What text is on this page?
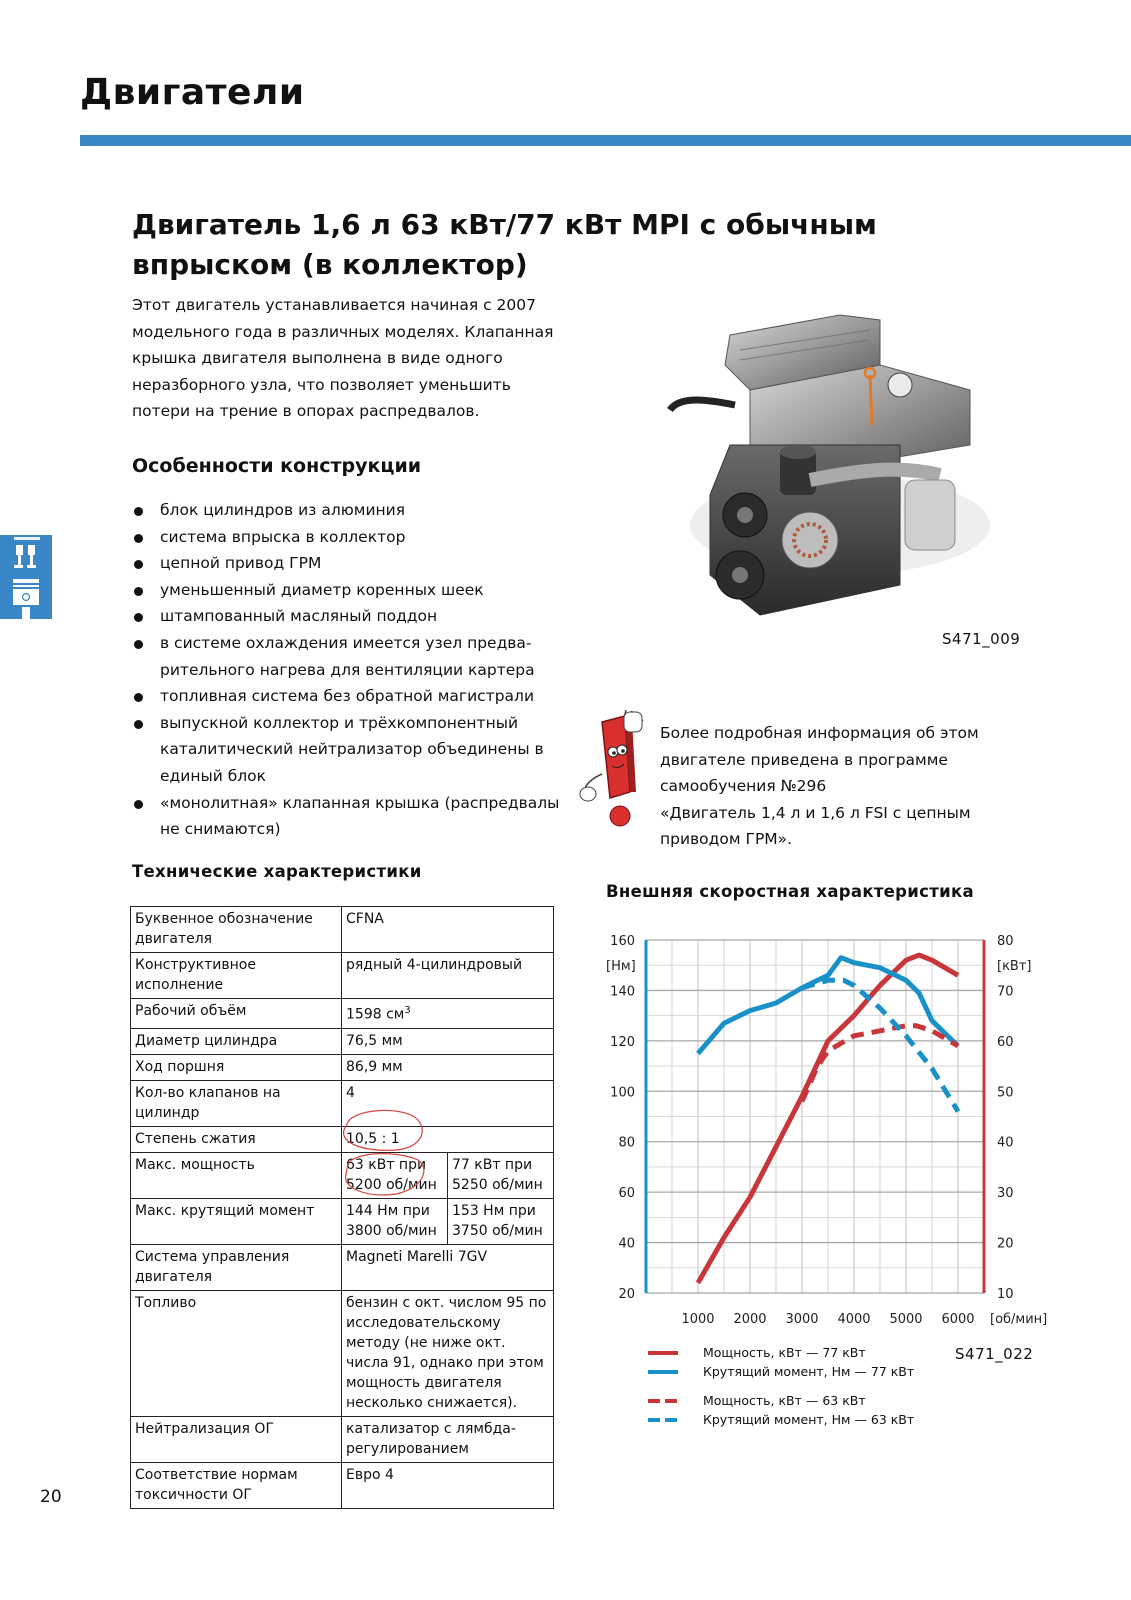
Двигатели
Двигатель 1,6 л 63 кВт/77 кВт MPI с обычным
впрыском (в коллектор)

Этот двигатель устанавливается начиная с 2007 модельного года в различных моделях. Клапанная крышка двигателя выполнена в виде одного неразборного узла, что позволяет уменьшить потери на трение в опорах распредвалов.

Особенности конструкции
блок цилиндров из алюминия
система впрыска в коллектор
цепной привод ГРМ
уменьшенный диаметр коренных шеек
штампованный масляный поддон
в системе охлаждения имеется узел предва-рительного нагрева для вентиляции картера
топливная система без обратной магистрали
выпускной коллектор и трёхкомпонентный каталитический нейтрализатор объединены в единый блок
«монолитная» клапанная крышка (распредвалы не снимаются)
S471_009
Более подробная информация об этом
двигателе приведена в программе
самообучения №296
«Двигатель 1,4 л и 1,6 л FSI с цепным
приводом ГРМ».
Технические характеристики
Буквенное обозначение двигателя	CFNA	
Конструктивное исполнение	рядный 4-цилиндровый	
Рабочий объём	1598 $см^3$
Диаметр цилиндра	76,5 мм	
Ход поршня	86,9 мм	
Кол-во клапанов на цилиндр	4	
Степень сжатия	10,5 : 1	
Макс. мощность	63 кВт при 5200 об/мин	77 кВт при 5250 об/мин
Макс. крутящий момент	144 Нм при 3800 об/мин	153 Нм при 3750 об/мин
Система управления двигателя	Magneti Marelli 7GV	
Топливо	бензин с окт. числом 95 по исследовательскому методу (не ниже окт. числа 91, однако при этом мощность двигателя несколько снижается).	
Нейтрализация ОГ	катализатор с лямбда-регулированием	
Соответствие нормам токсичности ОГ	Евро 4	
Внешняя скоростная характеристика
20
40
60
80
100
120
140
160
10
20
30
40
50
60
70
80
1000 2000 3000 4000 5000 6000
[Нм]	[кВт]
[об/мин]
Мощность, кВт — 77 кВт
Крутящий момент, Нм — 77 кВт
Мощность, кВт — 63 кВт
Крутящий момент, Нм — 63 кВт
S471_022
20
